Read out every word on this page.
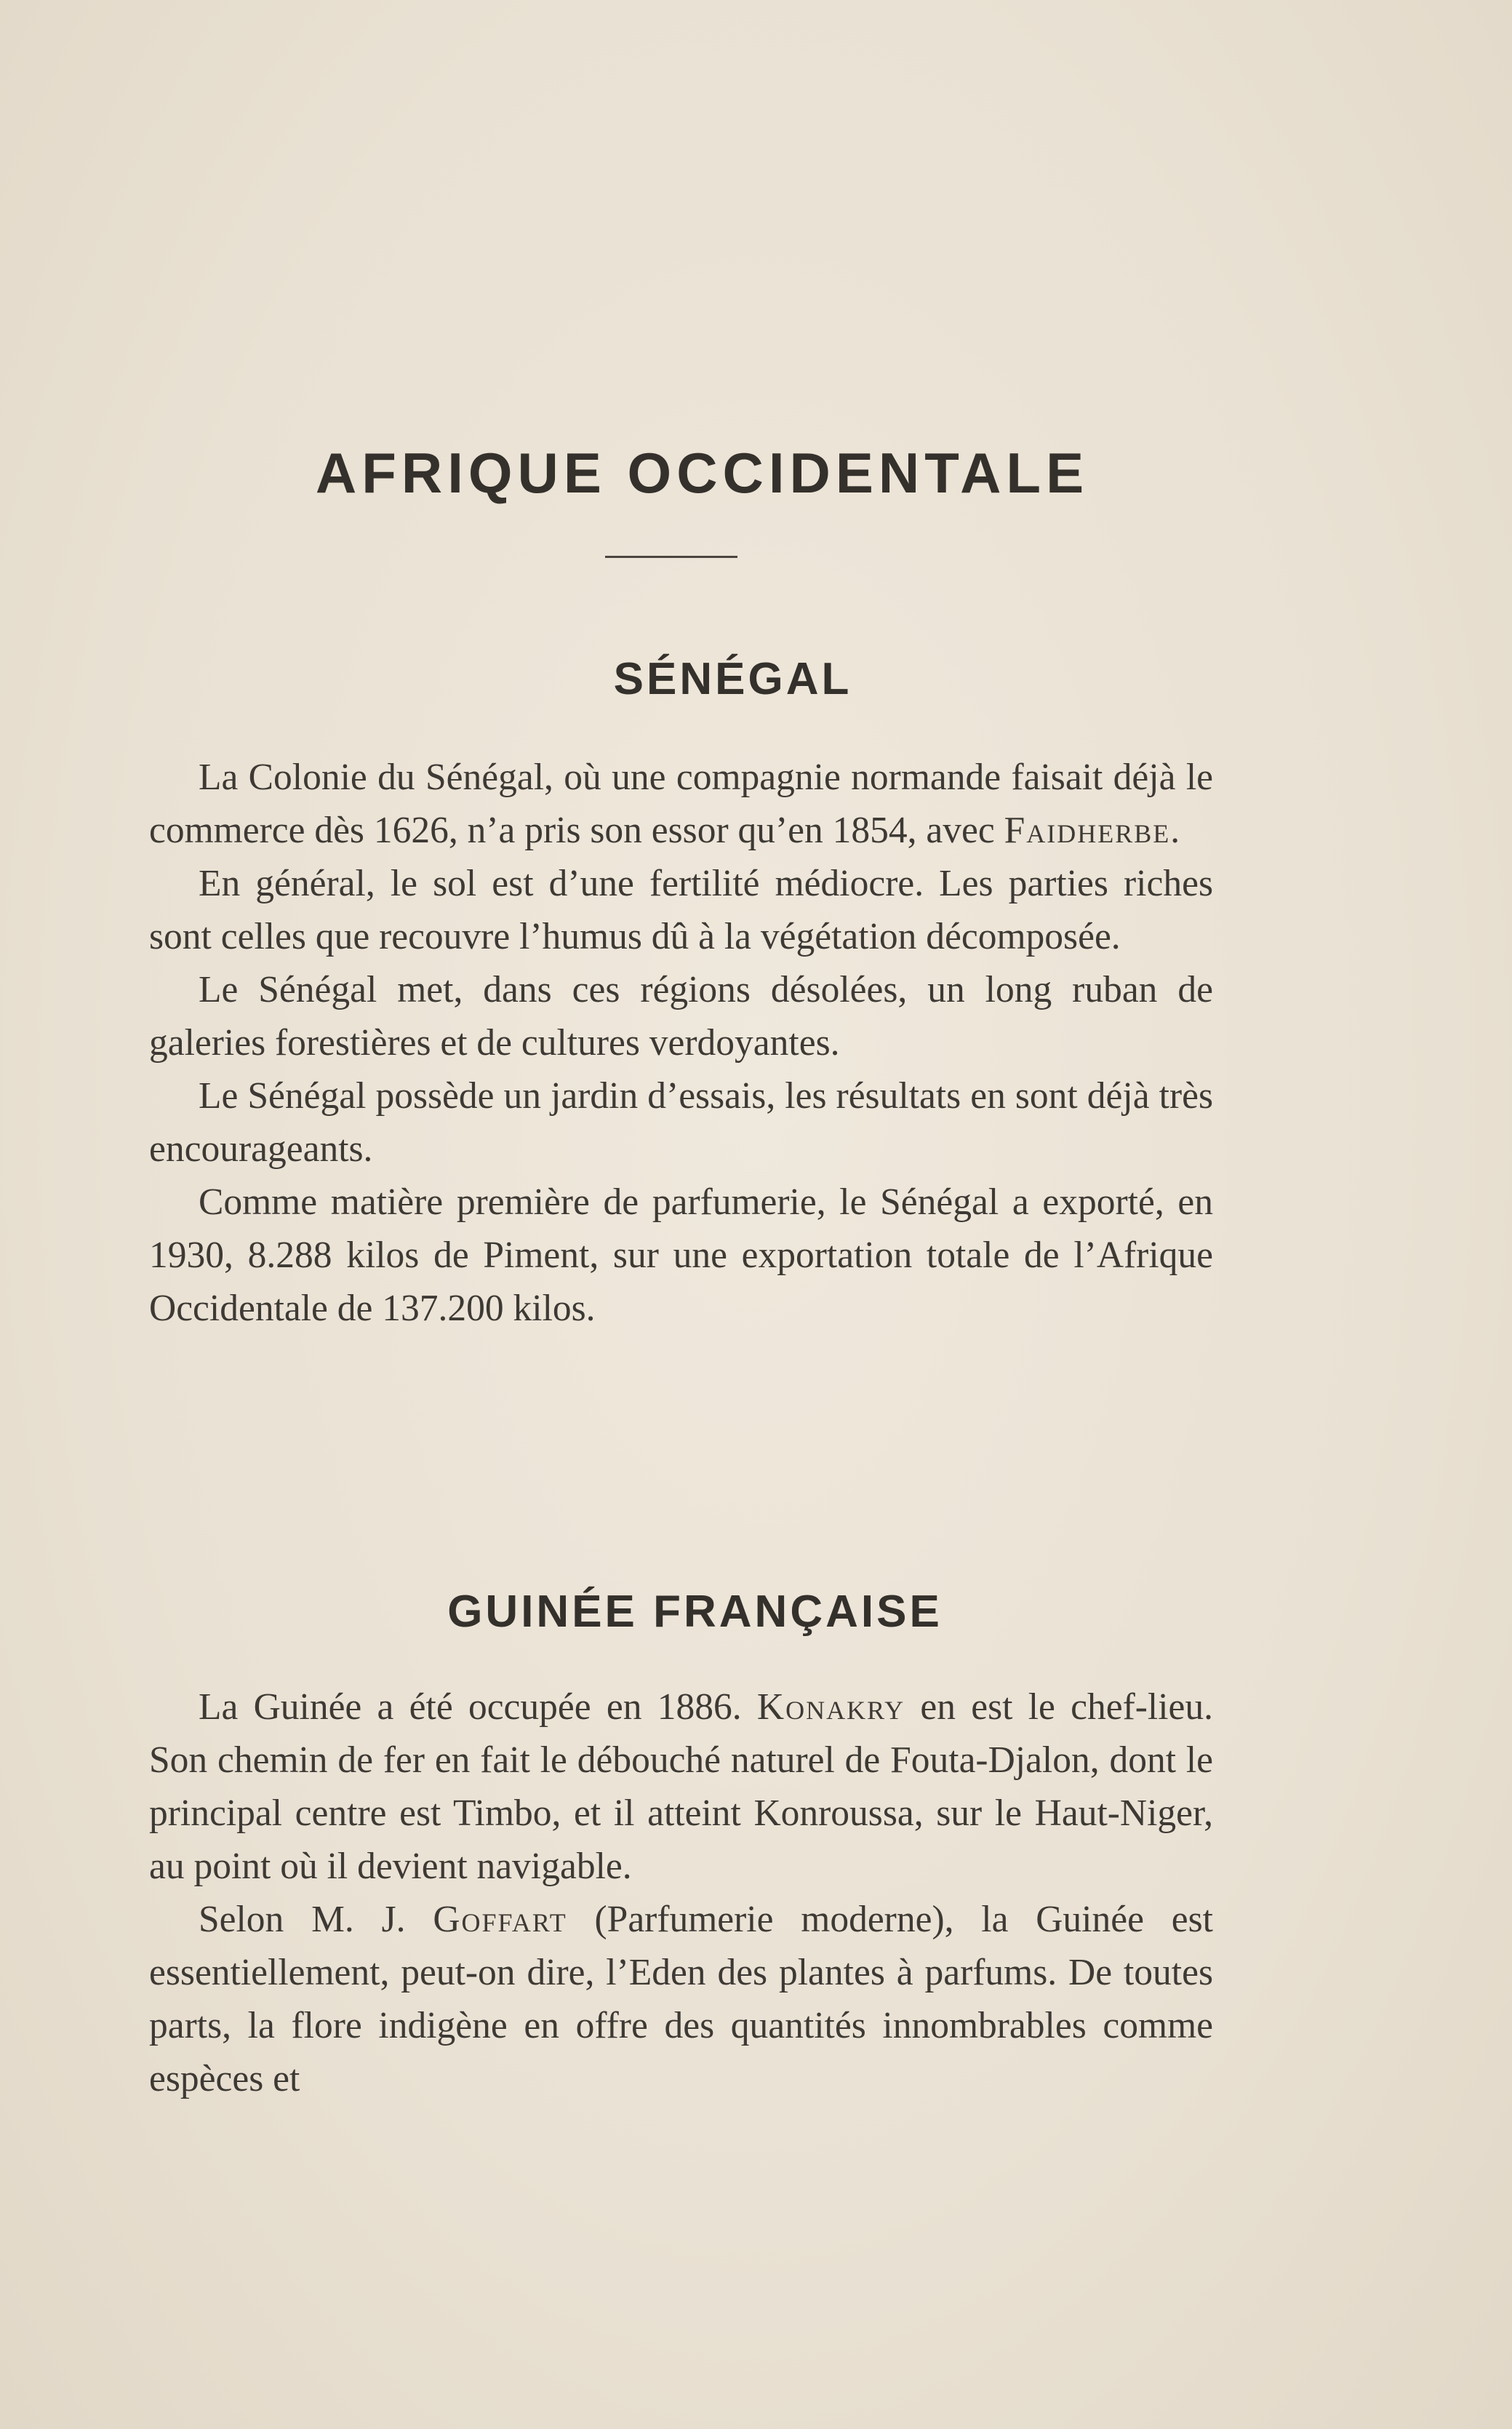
AFRIQUE OCCIDENTALE
SÉNÉGAL

La Colonie du Sénégal, où une compagnie normande faisait déjà le commerce dès 1626, n’a pris son essor qu’en 1854, avec Faidherbe.

En général, le sol est d’une fertilité médiocre. Les parties riches sont celles que recouvre l’humus dû à la végétation décomposée.

Le Sénégal met, dans ces régions désolées, un long ruban de galeries forestières et de cultures verdoyantes.

Le Sénégal possède un jardin d’essais, les résultats en sont déjà très encourageants.

Comme matière première de parfumerie, le Sénégal a exporté, en 1930, 8.288 kilos de Piment, sur une exportation totale de l’Afrique Occidentale de 137.200 kilos.

GUINÉE FRANÇAISE

La Guinée a été occupée en 1886. Konakry en est le chef-lieu. Son chemin de fer en fait le débouché naturel de Fouta-Djalon, dont le principal centre est Timbo, et il atteint Konroussa, sur le Haut-Niger, au point où il devient navigable.

Selon M. J. Goffart (Parfumerie moderne), la Guinée est essentiellement, peut-on dire, l’Eden des plantes à parfums. De toutes parts, la flore indigène en offre des quantités innombrables comme espèces et
